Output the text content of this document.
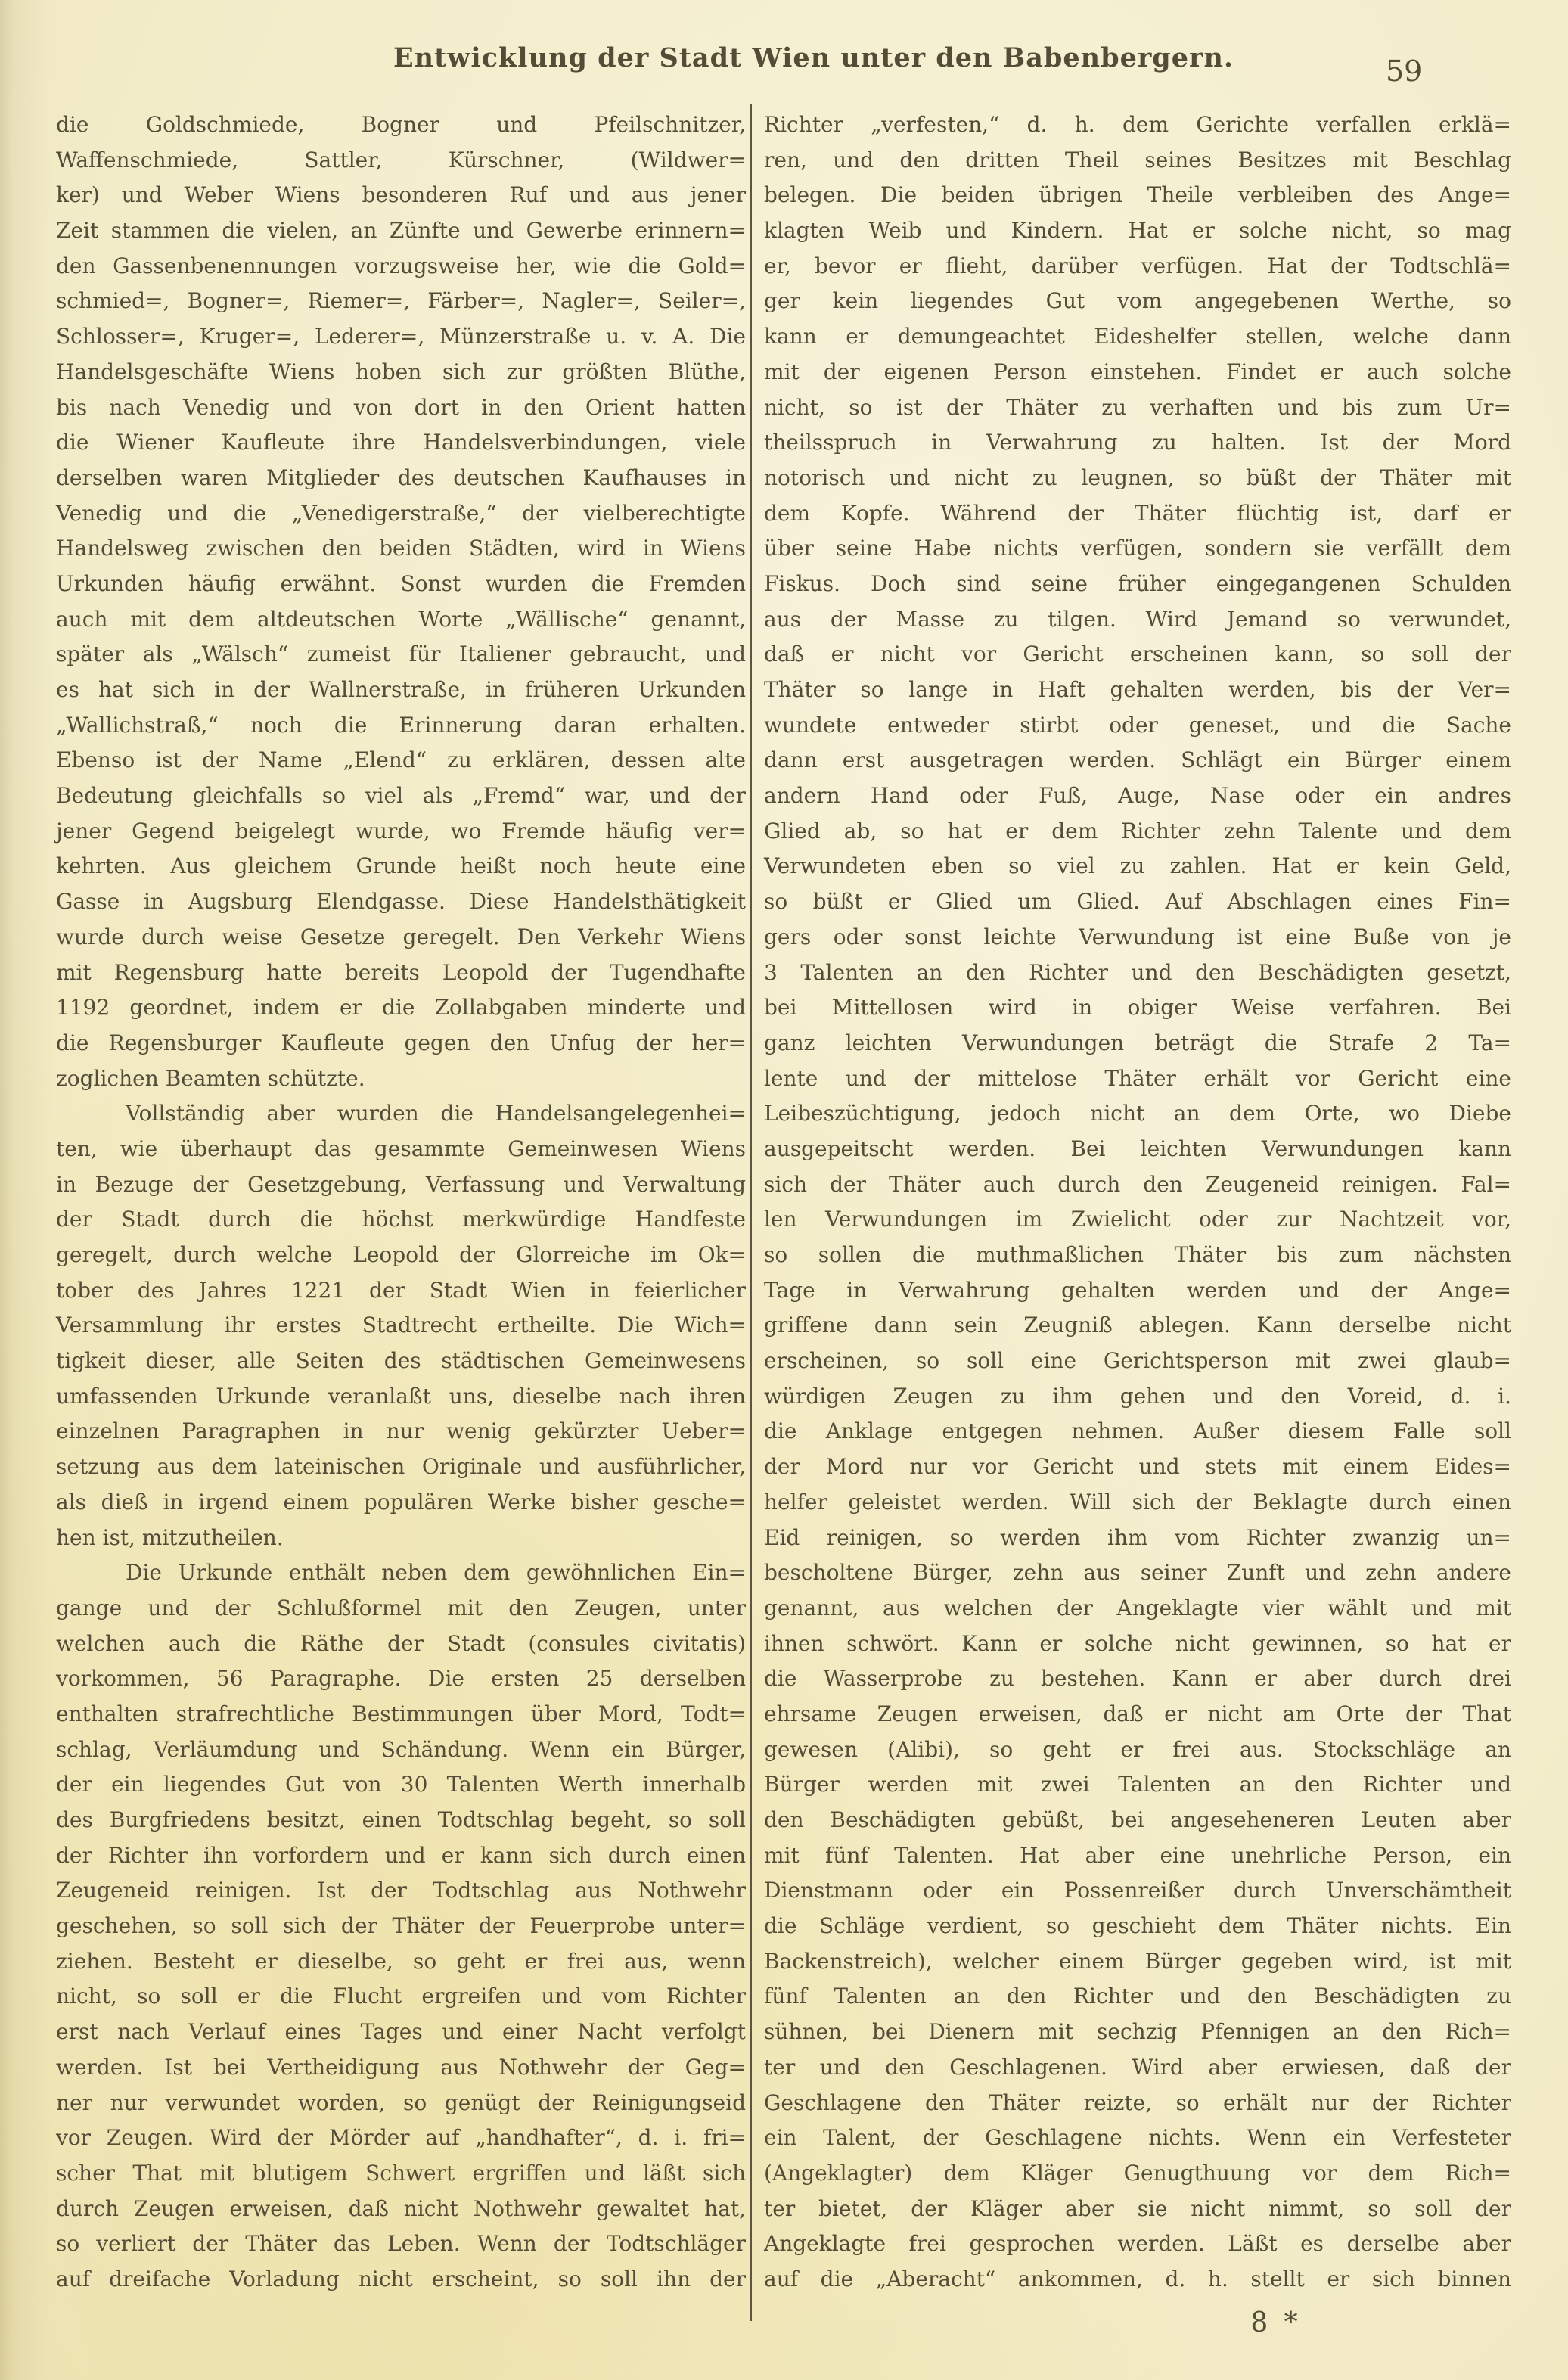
Entwicklung der Stadt Wien unter den Babenbergern.	59
die Goldschmiede, Bogner und Pfeilschnitzer,
Waffenschmiede, Sattler, Kürschner, (Wildwer=
ker) und Weber Wiens besonderen Ruf und aus jener
Zeit stammen die vielen, an Zünfte und Gewerbe erinnern=
den Gassenbenennungen vorzugsweise her, wie die Gold=
schmied=, Bogner=, Riemer=, Färber=, Nagler=, Seiler=,
Schlosser=, Kruger=, Lederer=, Münzerstraße u. v. A. Die
Handelsgeschäfte Wiens hoben sich zur größten Blüthe,
bis nach Venedig und von dort in den Orient hatten
die Wiener Kaufleute ihre Handelsverbindungen, viele
derselben waren Mitglieder des deutschen Kaufhauses in
Venedig und die „Venedigerstraße,“ der vielberechtigte
Handelsweg zwischen den beiden Städten, wird in Wiens
Urkunden häufig erwähnt. Sonst wurden die Fremden
auch mit dem altdeutschen Worte „Wällische“ genannt,
später als „Wälsch“ zumeist für Italiener gebraucht, und
es hat sich in der Wallnerstraße, in früheren Urkunden
„Wallichstraß,“ noch die Erinnerung daran erhalten.
Ebenso ist der Name „Elend“ zu erklären, dessen alte
Bedeutung gleichfalls so viel als „Fremd“ war, und der
jener Gegend beigelegt wurde, wo Fremde häufig ver=
kehrten. Aus gleichem Grunde heißt noch heute eine
Gasse in Augsburg Elendgasse. Diese Handelsthätigkeit
wurde durch weise Gesetze geregelt. Den Verkehr Wiens
mit Regensburg hatte bereits Leopold der Tugendhafte
1192 geordnet, indem er die Zollabgaben minderte und
die Regensburger Kaufleute gegen den Unfug der her=
zoglichen Beamten schützte.
Vollständig aber wurden die Handelsangelegenhei=
ten, wie überhaupt das gesammte Gemeinwesen Wiens
in Bezuge der Gesetzgebung, Verfassung und Verwaltung
der Stadt durch die höchst merkwürdige Handfeste
geregelt, durch welche Leopold der Glorreiche im Ok=
tober des Jahres 1221 der Stadt Wien in feierlicher
Versammlung ihr erstes Stadtrecht ertheilte. Die Wich=
tigkeit dieser, alle Seiten des städtischen Gemeinwesens
umfassenden Urkunde veranlaßt uns, dieselbe nach ihren
einzelnen Paragraphen in nur wenig gekürzter Ueber=
setzung aus dem lateinischen Originale und ausführlicher,
als dieß in irgend einem populären Werke bisher gesche=
hen ist, mitzutheilen.
Die Urkunde enthält neben dem gewöhnlichen Ein=
gange und der Schlußformel mit den Zeugen, unter
welchen auch die Räthe der Stadt (consules civitatis)
vorkommen, 56 Paragraphe. Die ersten 25 derselben
enthalten strafrechtliche Bestimmungen über Mord, Todt=
schlag, Verläumdung und Schändung. Wenn ein Bürger,
der ein liegendes Gut von 30 Talenten Werth innerhalb
des Burgfriedens besitzt, einen Todtschlag begeht, so soll
der Richter ihn vorfordern und er kann sich durch einen
Zeugeneid reinigen. Ist der Todtschlag aus Nothwehr
geschehen, so soll sich der Thäter der Feuerprobe unter=
ziehen. Besteht er dieselbe, so geht er frei aus, wenn
nicht, so soll er die Flucht ergreifen und vom Richter
erst nach Verlauf eines Tages und einer Nacht verfolgt
werden. Ist bei Vertheidigung aus Nothwehr der Geg=
ner nur verwundet worden, so genügt der Reinigungseid
vor Zeugen. Wird der Mörder auf „handhafter“, d. i. fri=
scher That mit blutigem Schwert ergriffen und läßt sich
durch Zeugen erweisen, daß nicht Nothwehr gewaltet hat,
so verliert der Thäter das Leben. Wenn der Todtschläger
auf dreifache Vorladung nicht erscheint, so soll ihn der
Richter „verfesten,“ d. h. dem Gerichte verfallen erklä=
ren, und den dritten Theil seines Besitzes mit Beschlag
belegen. Die beiden übrigen Theile verbleiben des Ange=
klagten Weib und Kindern. Hat er solche nicht, so mag
er, bevor er flieht, darüber verfügen. Hat der Todtschlä=
ger kein liegendes Gut vom angegebenen Werthe, so
kann er demungeachtet Eideshelfer stellen, welche dann
mit der eigenen Person einstehen. Findet er auch solche
nicht, so ist der Thäter zu verhaften und bis zum Ur=
theilsspruch in Verwahrung zu halten. Ist der Mord
notorisch und nicht zu leugnen, so büßt der Thäter mit
dem Kopfe. Während der Thäter flüchtig ist, darf er
über seine Habe nichts verfügen, sondern sie verfällt dem
Fiskus. Doch sind seine früher eingegangenen Schulden
aus der Masse zu tilgen. Wird Jemand so verwundet,
daß er nicht vor Gericht erscheinen kann, so soll der
Thäter so lange in Haft gehalten werden, bis der Ver=
wundete entweder stirbt oder geneset, und die Sache
dann erst ausgetragen werden. Schlägt ein Bürger einem
andern Hand oder Fuß, Auge, Nase oder ein andres
Glied ab, so hat er dem Richter zehn Talente und dem
Verwundeten eben so viel zu zahlen. Hat er kein Geld,
so büßt er Glied um Glied. Auf Abschlagen eines Fin=
gers oder sonst leichte Verwundung ist eine Buße von je
3 Talenten an den Richter und den Beschädigten gesetzt,
bei Mittellosen wird in obiger Weise verfahren. Bei
ganz leichten Verwundungen beträgt die Strafe 2 Ta=
lente und der mittelose Thäter erhält vor Gericht eine
Leibeszüchtigung, jedoch nicht an dem Orte, wo Diebe
ausgepeitscht werden. Bei leichten Verwundungen kann
sich der Thäter auch durch den Zeugeneid reinigen. Fal=
len Verwundungen im Zwielicht oder zur Nachtzeit vor,
so sollen die muthmaßlichen Thäter bis zum nächsten
Tage in Verwahrung gehalten werden und der Ange=
griffene dann sein Zeugniß ablegen. Kann derselbe nicht
erscheinen, so soll eine Gerichtsperson mit zwei glaub=
würdigen Zeugen zu ihm gehen und den Voreid, d. i.
die Anklage entgegen nehmen. Außer diesem Falle soll
der Mord nur vor Gericht und stets mit einem Eides=
helfer geleistet werden. Will sich der Beklagte durch einen
Eid reinigen, so werden ihm vom Richter zwanzig un=
bescholtene Bürger, zehn aus seiner Zunft und zehn andere
genannt, aus welchen der Angeklagte vier wählt und mit
ihnen schwört. Kann er solche nicht gewinnen, so hat er
die Wasserprobe zu bestehen. Kann er aber durch drei
ehrsame Zeugen erweisen, daß er nicht am Orte der That
gewesen (Alibi), so geht er frei aus. Stockschläge an
Bürger werden mit zwei Talenten an den Richter und
den Beschädigten gebüßt, bei angeseheneren Leuten aber
mit fünf Talenten. Hat aber eine unehrliche Person, ein
Dienstmann oder ein Possenreißer durch Unverschämtheit
die Schläge verdient, so geschieht dem Thäter nichts. Ein
Backenstreich), welcher einem Bürger gegeben wird, ist mit
fünf Talenten an den Richter und den Beschädigten zu
sühnen, bei Dienern mit sechzig Pfennigen an den Rich=
ter und den Geschlagenen. Wird aber erwiesen, daß der
Geschlagene den Thäter reizte, so erhält nur der Richter
ein Talent, der Geschlagene nichts. Wenn ein Verfesteter
(Angeklagter) dem Kläger Genugthuung vor dem Rich=
ter bietet, der Kläger aber sie nicht nimmt, so soll der
Angeklagte frei gesprochen werden. Läßt es derselbe aber
auf die „Aberacht“ ankommen, d. h. stellt er sich binnen
8 *
